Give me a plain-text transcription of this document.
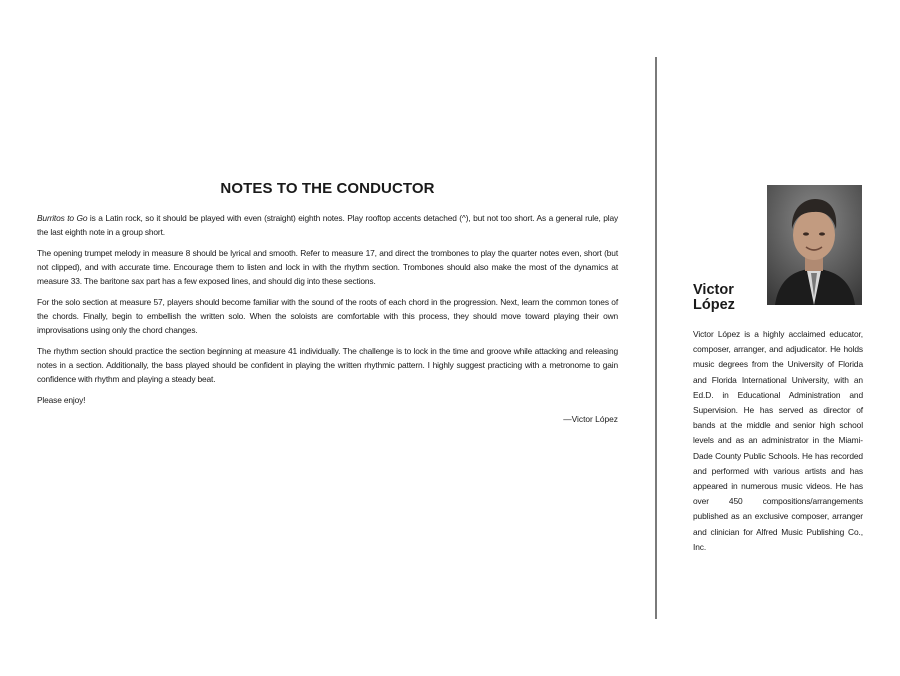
NOTES TO THE CONDUCTOR

Burritos to Go is a Latin rock, so it should be played with even (straight) eighth notes. Play rooftop accents detached (^), but not too short. As a general rule, play the last eighth note in a group short.

The opening trumpet melody in measure 8 should be lyrical and smooth. Refer to measure 17, and direct the trombones to play the quarter notes even, short (but not clipped), and with accurate time. Encourage them to listen and lock in with the rhythm section. Trombones should also make the most of the dynamics at measure 33. The baritone sax part has a few exposed lines, and should dig into these sections.

For the solo section at measure 57, players should become familiar with the sound of the roots of each chord in the progression. Next, learn the common tones of the chords. Finally, begin to embellish the written solo. When the soloists are comfortable with this process, they should move toward playing their own improvisations using only the chord changes.

The rhythm section should practice the section beginning at measure 41 individually. The challenge is to lock in the time and groove while attacking and releasing notes in a section. Additionally, the bass played should be confident in playing the written rhythmic pattern. I highly suggest practicing with a metronome to gain confidence with rhythm and playing a steady beat.

Please enjoy!

—Victor López
Victor
López

Victor López is a highly acclaimed educator, composer, arranger, and adjudicator. He holds music degrees from the University of Florida and Florida International University, with an Ed.D. in Educational Administration and Supervision. He has served as director of bands at the middle and senior high school levels and as an administrator in the Miami-Dade County Public Schools. He has recorded and performed with various artists and has appeared in numerous music videos. He has over 450 compositions/arrangements published as an exclusive composer, arranger and clinician for Alfred Music Publishing Co., Inc.
